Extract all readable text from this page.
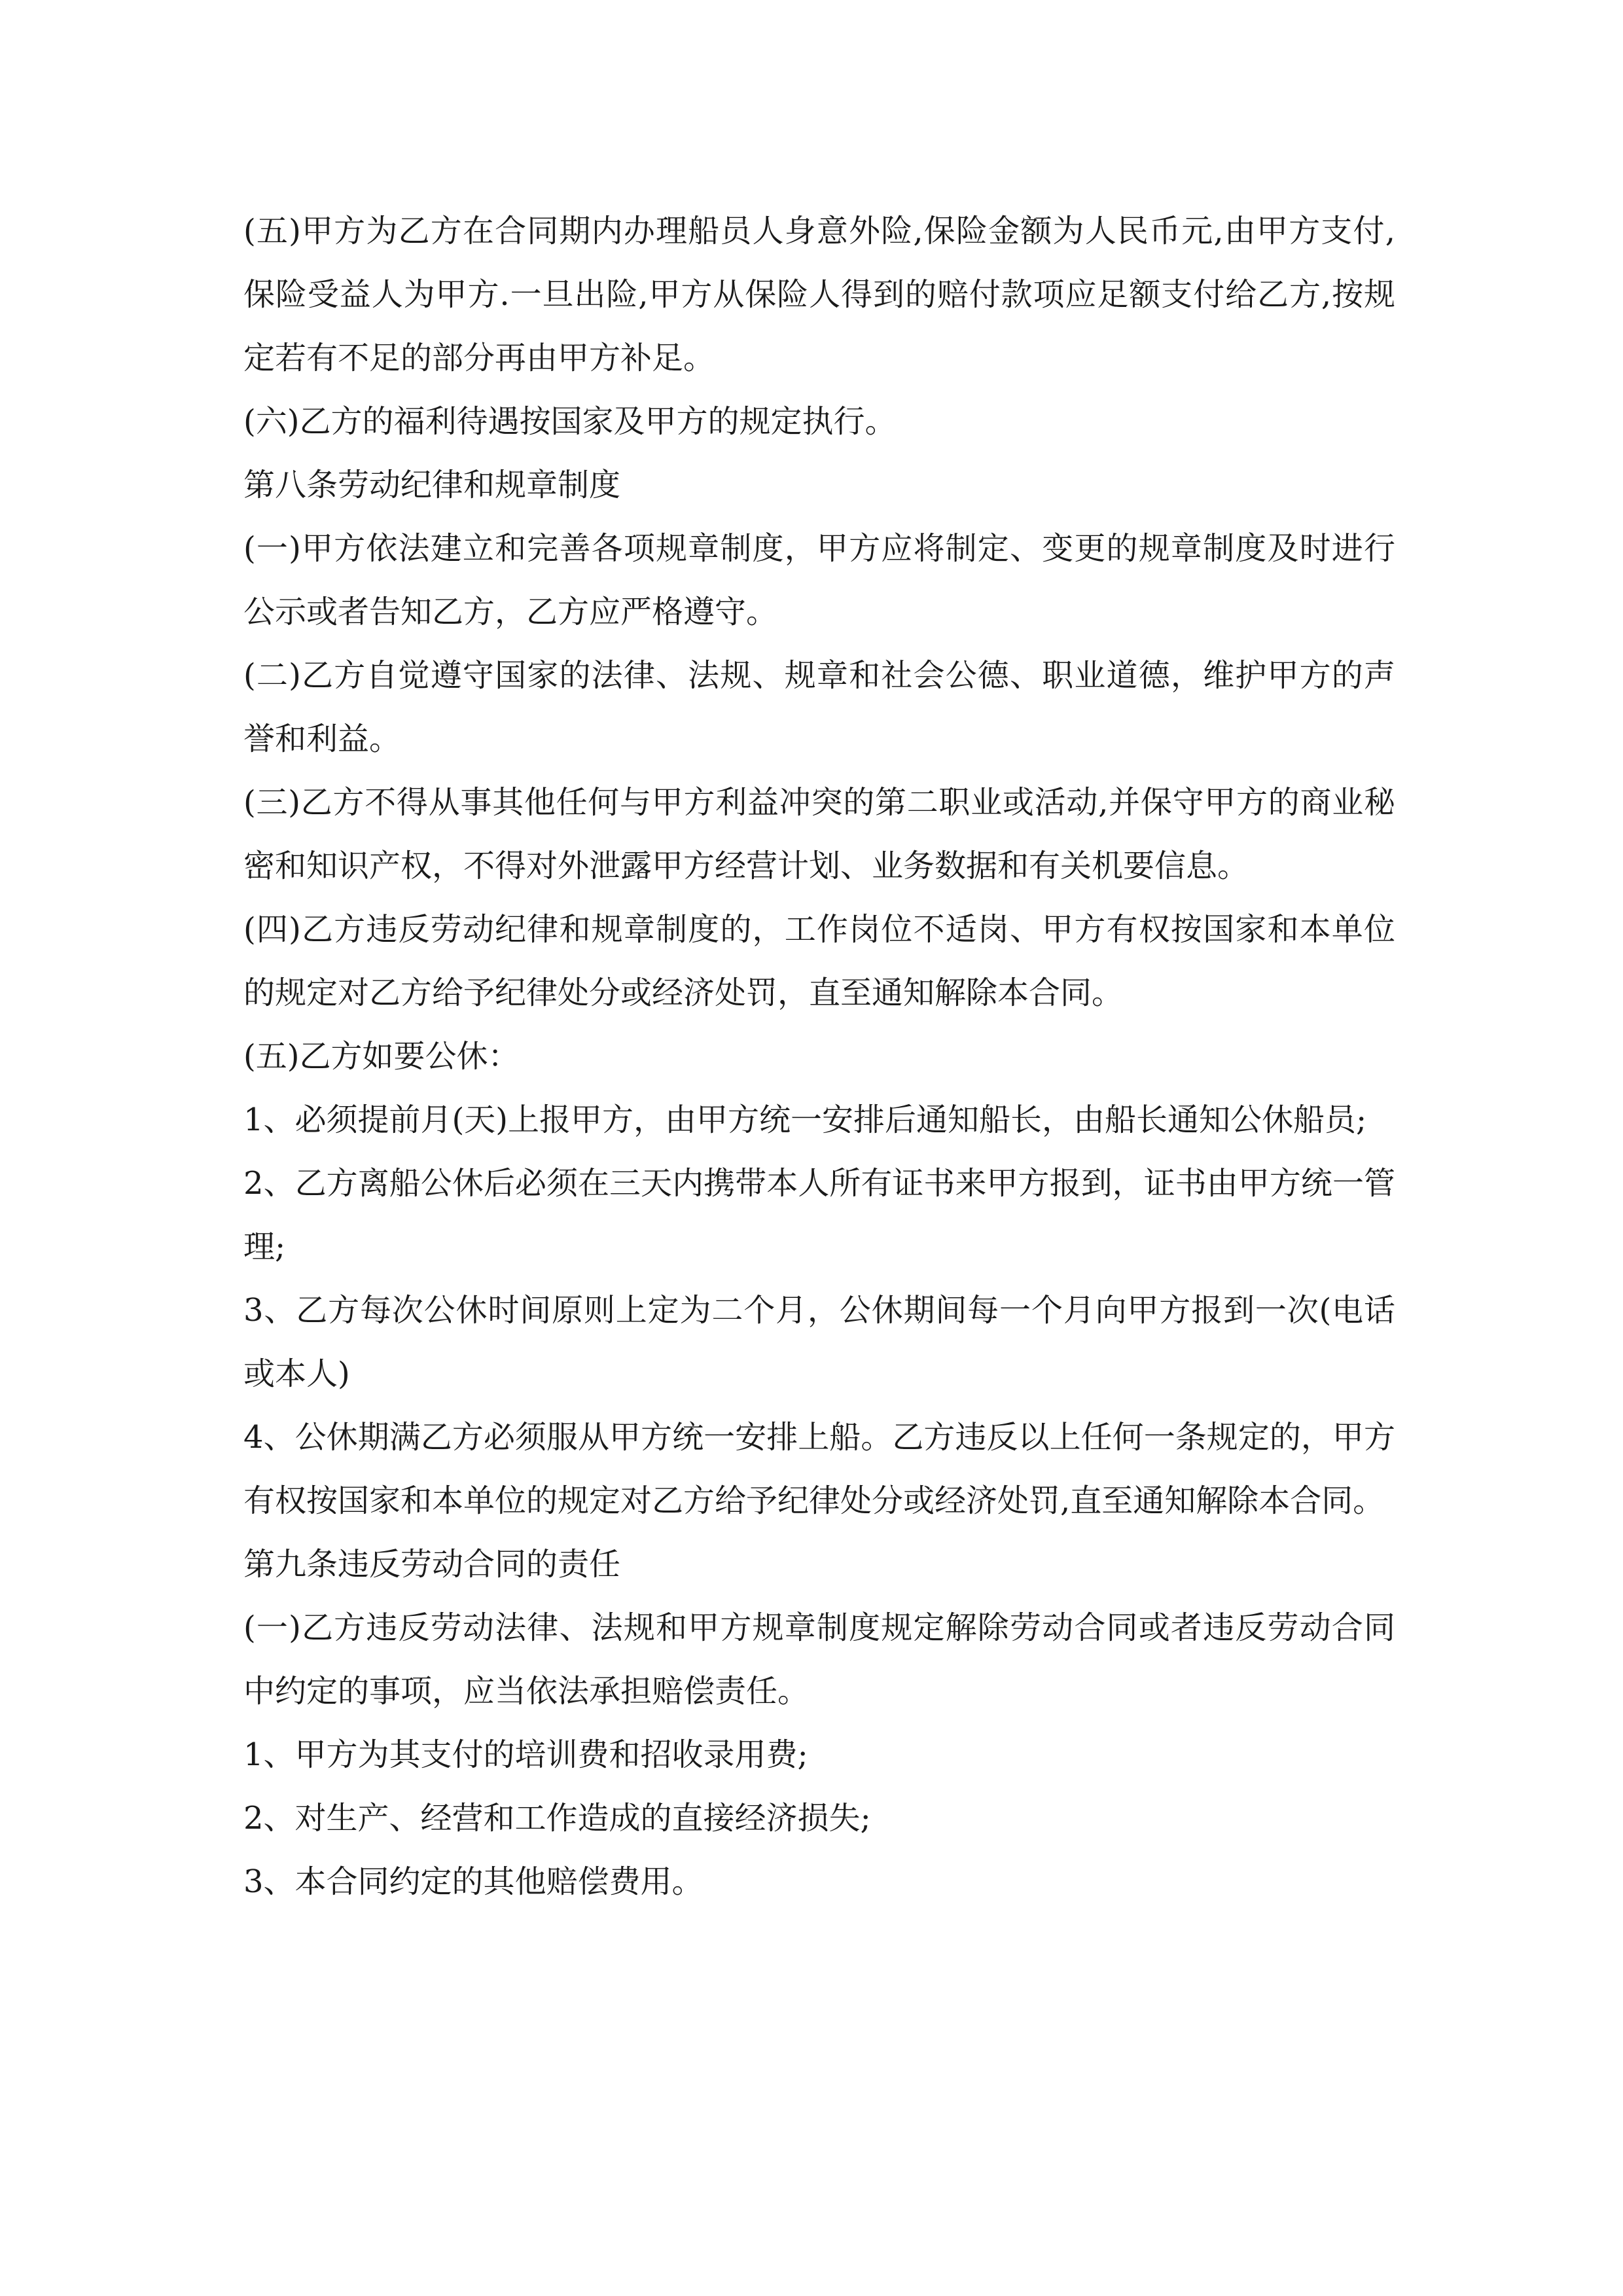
(五)甲方为乙方在合同期内办理船员人身意外险,保险金额为人民币元,由甲方支付,保险受益人为甲方.一旦出险,甲方从保险人得到的赔付款项应足额支付给乙方,按规定若有不足的部分再由甲方补足。

(六)乙方的福利待遇按国家及甲方的规定执行。

第八条劳动纪律和规章制度

(一)甲方依法建立和完善各项规章制度，甲方应将制定、变更的规章制度及时进行公示或者告知乙方，乙方应严格遵守。

(二)乙方自觉遵守国家的法律、法规、规章和社会公德、职业道德，维护甲方的声誉和利益。

(三)乙方不得从事其他任何与甲方利益冲突的第二职业或活动,并保守甲方的商业秘密和知识产权，不得对外泄露甲方经营计划、业务数据和有关机要信息。

(四)乙方违反劳动纪律和规章制度的，工作岗位不适岗、甲方有权按国家和本单位的规定对乙方给予纪律处分或经济处罚，直至通知解除本合同。

(五)乙方如要公休：

1、必须提前月(天)上报甲方，由甲方统一安排后通知船长，由船长通知公休船员;

2、乙方离船公休后必须在三天内携带本人所有证书来甲方报到，证书由甲方统一管理;

3、乙方每次公休时间原则上定为二个月，公休期间每一个月向甲方报到一次(电话或本人)

4、公休期满乙方必须服从甲方统一安排上船。乙方违反以上任何一条规定的，甲方有权按国家和本单位的规定对乙方给予纪律处分或经济处罚,直至通知解除本合同。

第九条违反劳动合同的责任

(一)乙方违反劳动法律、法规和甲方规章制度规定解除劳动合同或者违反劳动合同中约定的事项，应当依法承担赔偿责任。

1、甲方为其支付的培训费和招收录用费;

2、对生产、经营和工作造成的直接经济损失;

3、本合同约定的其他赔偿费用。
